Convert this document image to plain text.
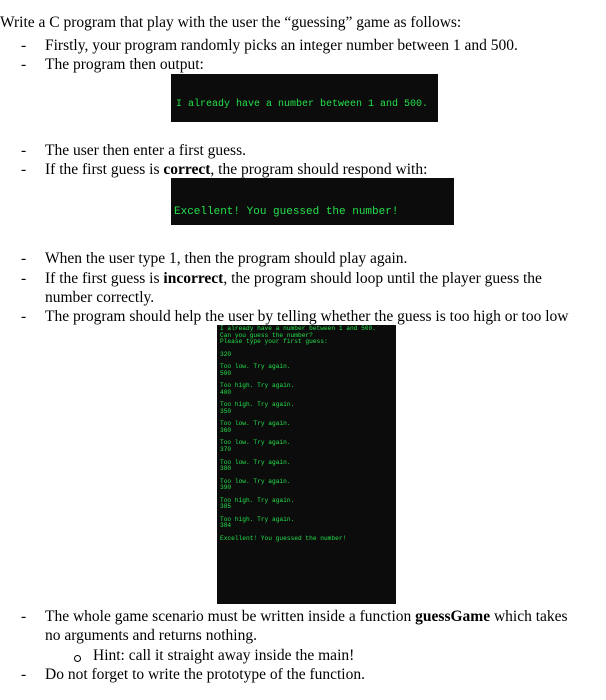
Write a C program that play with the user the “guessing” game as follows:
-	Firstly, your program randomly picks an integer number between 1 and 500.
-	The program then output:

I already have a number between 1 and 500.

-	The user then enter a first guess.
-	If the first guess is correct, the program should respond with:

Excellent! You guessed the number!

-	When the user type 1, then the program should play again.
-	If the first guess is incorrect, the program should loop until the player guess the
number correctly.
-	The program should help the user by telling whether the guess is too high or too low
I already have a number between 1 and 500.
Can you guess the number?
Please type your first guess:
320
Too low. Try again.
500
Too high. Try again.
400
Too high. Try again.
350
Too low. Try again.
360
Too low. Try again.
370
Too low. Try again.
380
Too low. Try again.
390
Too high. Try again.
385
Too high. Try again.
384
Excellent! You guessed the number!
-	The whole game scenario must be written inside a function guessGame which takes
no arguments and returns nothing.
Hint: call it straight away inside the main!
-	Do not forget to write the prototype of the function.
